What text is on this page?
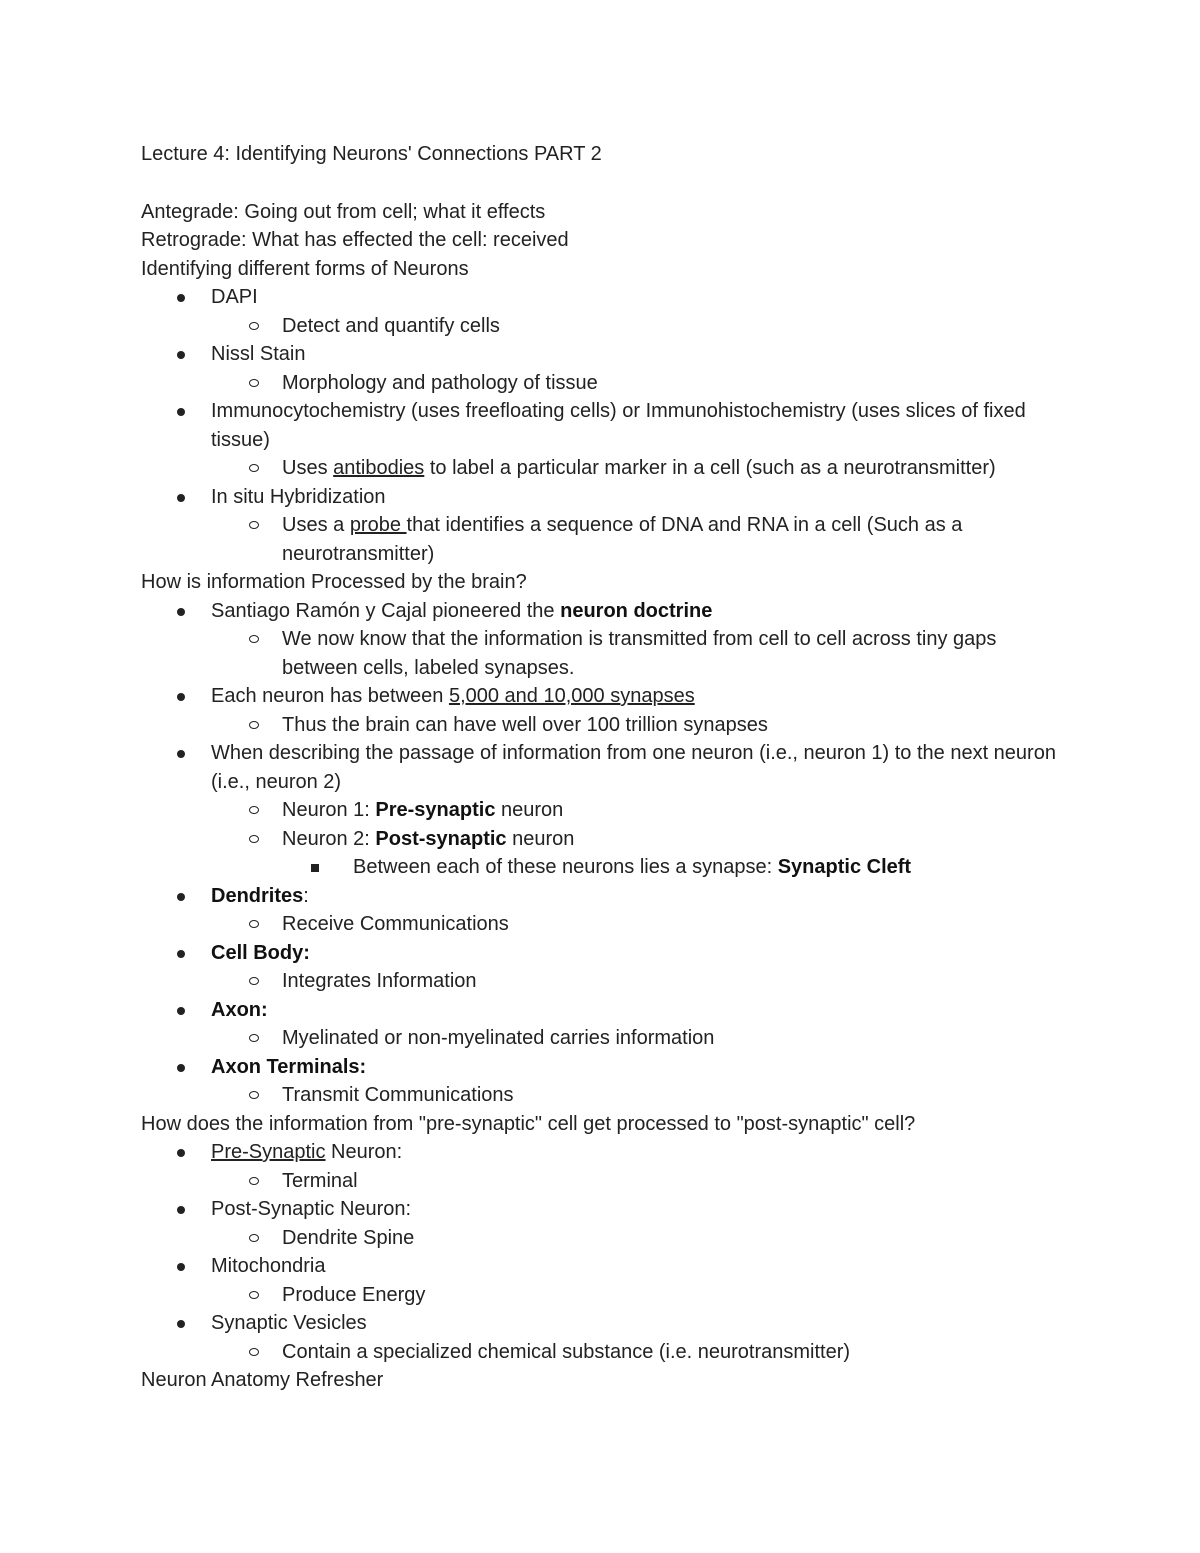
Lecture 4: Identifying Neurons' Connections PART 2
Antegrade: Going out from cell; what it effects
Retrograde: What has effected the cell: received
Identifying different forms of Neurons
DAPI
Detect and quantify cells
Nissl Stain
Morphology and pathology of tissue
Immunocytochemistry (uses freefloating cells) or Immunohistochemistry (uses slices of fixed tissue)
Uses antibodies to label a particular marker in a cell (such as a neurotransmitter)
In situ Hybridization
Uses a probe that identifies a sequence of DNA and RNA in a cell (Such as a neurotransmitter)
How is information Processed by the brain?
Santiago Ramón y Cajal pioneered the neuron doctrine
We now know that the information is transmitted from cell to cell across tiny gaps between cells, labeled synapses.
Each neuron has between 5,000 and 10,000 synapses
Thus the brain can have well over 100 trillion synapses
When describing the passage of information from one neuron (i.e., neuron 1) to the next neuron (i.e., neuron 2)
Neuron 1: Pre-synaptic neuron
Neuron 2: Post-synaptic neuron
Between each of these neurons lies a synapse: Synaptic Cleft
Dendrites:
Receive Communications
Cell Body:
Integrates Information
Axon:
Myelinated or non-myelinated carries information
Axon Terminals:
Transmit Communications
How does the information from "pre-synaptic" cell get processed to "post-synaptic" cell?
Pre-Synaptic Neuron:
Terminal
Post-Synaptic Neuron:
Dendrite Spine
Mitochondria
Produce Energy
Synaptic Vesicles
Contain a specialized chemical substance (i.e. neurotransmitter)
Neuron Anatomy Refresher
